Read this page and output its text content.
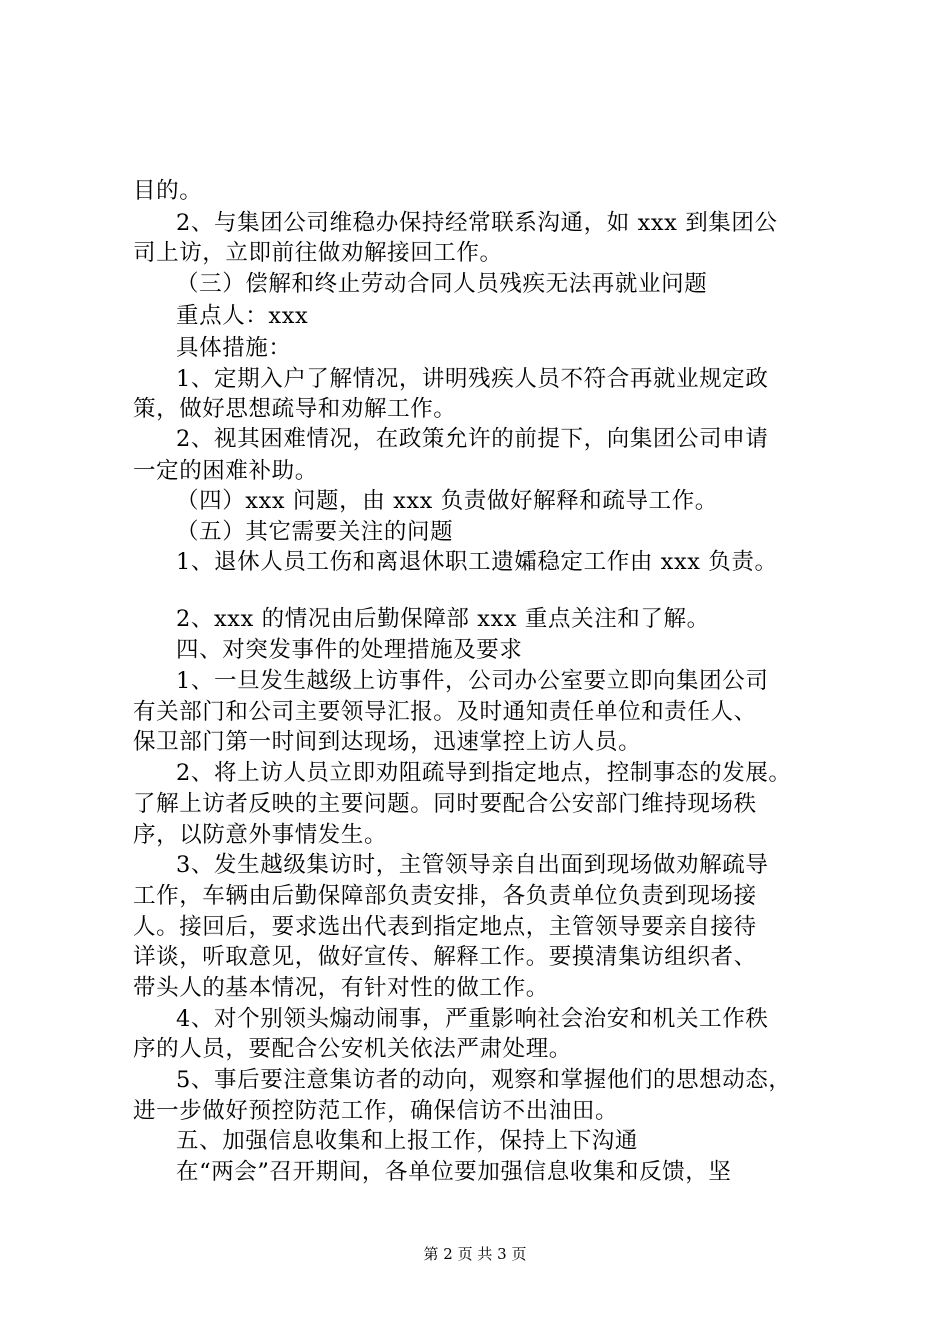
目的。
2、与集团公司维稳办保持经常联系沟通，如 xxx 到集团公
司上访，立即前往做劝解接回工作。
（三）偿解和终止劳动合同人员残疾无法再就业问题
重点人：xxx
具体措施：
1、定期入户了解情况，讲明残疾人员不符合再就业规定政
策，做好思想疏导和劝解工作。
2、视其困难情况，在政策允许的前提下，向集团公司申请
一定的困难补助。
（四）xxx 问题，由 xxx 负责做好解释和疏导工作。
（五）其它需要关注的问题
1、退休人员工伤和离退休职工遗孀稳定工作由 xxx 负责。
2、xxx 的情况由后勤保障部 xxx 重点关注和了解。
四、对突发事件的处理措施及要求
1、一旦发生越级上访事件，公司办公室要立即向集团公司
有关部门和公司主要领导汇报。及时通知责任单位和责任人、
保卫部门第一时间到达现场，迅速掌控上访人员。
2、将上访人员立即劝阻疏导到指定地点，控制事态的发展。
了解上访者反映的主要问题。同时要配合公安部门维持现场秩
序，以防意外事情发生。
3、发生越级集访时，主管领导亲自出面到现场做劝解疏导
工作，车辆由后勤保障部负责安排，各负责单位负责到现场接
人。接回后，要求选出代表到指定地点，主管领导要亲自接待
详谈，听取意见，做好宣传、解释工作。要摸清集访组织者、
带头人的基本情况，有针对性的做工作。
4、对个别领头煽动闹事，严重影响社会治安和机关工作秩
序的人员，要配合公安机关依法严肃处理。
5、事后要注意集访者的动向，观察和掌握他们的思想动态，
进一步做好预控防范工作，确保信访不出油田。
五、加强信息收集和上报工作，保持上下沟通
在“两会”召开期间，各单位要加强信息收集和反馈，坚
第 2 页 共 3 页
